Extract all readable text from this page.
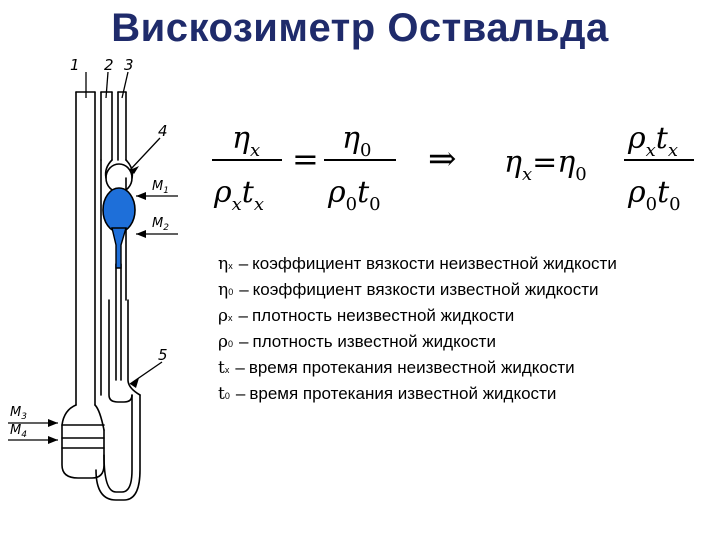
Вискозиметр Оствальда
1 2 3
4
5
$M_1$
$M_2$
$M_3$
$M_4$
$\eta_x$
$\rho_xt_x$
=
$\eta_0$
$\rho_0t_0$
⇒ $\eta_x=\eta_0$
$\rho_xt_x$
$\rho_0t_0$
ηx – коэффициент вязкости неизвестной жидкости
η0 – коэффициент вязкости известной жидкости
ρx – плотность неизвестной жидкости
ρ0 – плотность известной жидкости
tx – время протекания неизвестной жидкости
t0 – время протекания известной жидкости
